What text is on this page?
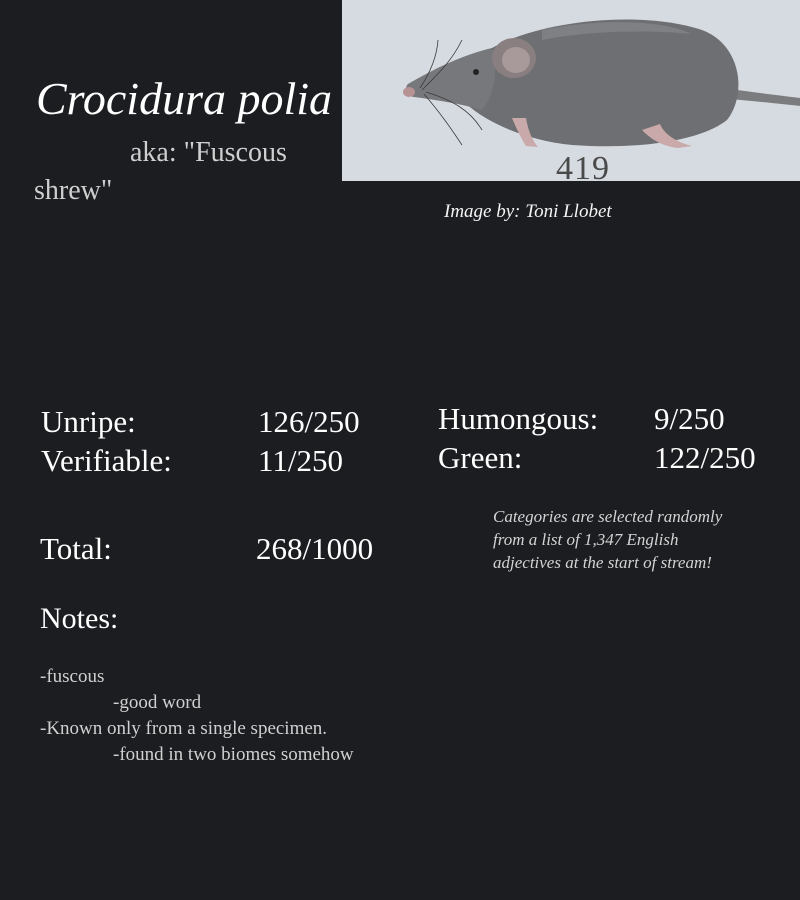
Crocidura polia
aka: "Fuscous shrew"
419
Image by: Toni Llobet
Unripe:	126/250
Verifiable:	11/250
Humongous: 9/250
Green:	122/250
Total:	268/1000
Categories are selected randomly from a list of 1,347 English adjectives at the start of stream!
Notes:
-fuscous
-good word
-Known only from a single specimen.
-found in two biomes somehow
